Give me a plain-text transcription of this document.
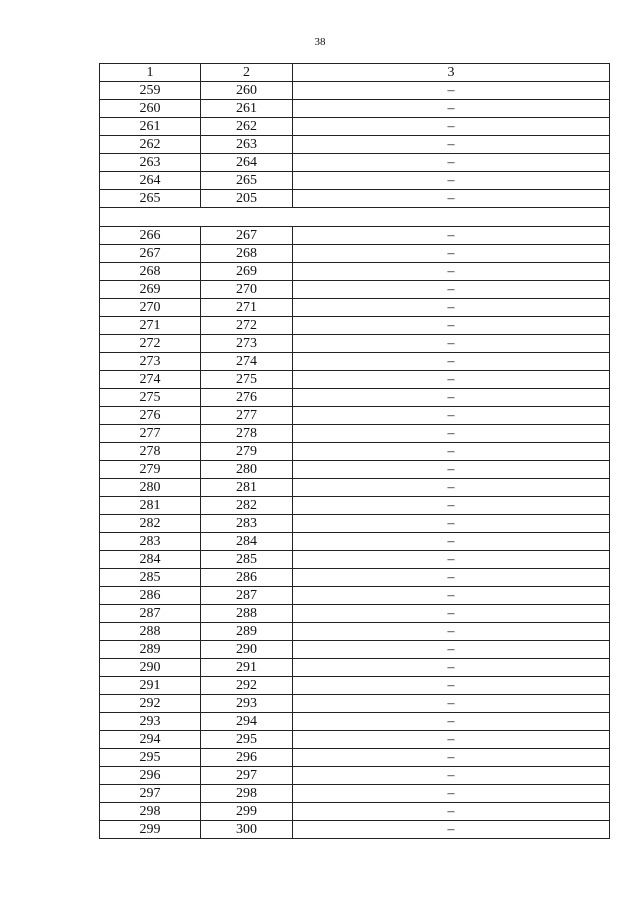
38
1	2	3
259	260	–
260	261	–
261	262	–
262	263	–
263	264	–
264	265	–
265	205	–

266	267	–
267	268	–
268	269	–
269	270	–
270	271	–
271	272	–
272	273	–
273	274	–
274	275	–
275	276	–
276	277	–
277	278	–
278	279	–
279	280	–
280	281	–
281	282	–
282	283	–
283	284	–
284	285	–
285	286	–
286	287	–
287	288	–
288	289	–
289	290	–
290	291	–
291	292	–
292	293	–
293	294	–
294	295	–
295	296	–
296	297	–
297	298	–
298	299	–
299	300	–
